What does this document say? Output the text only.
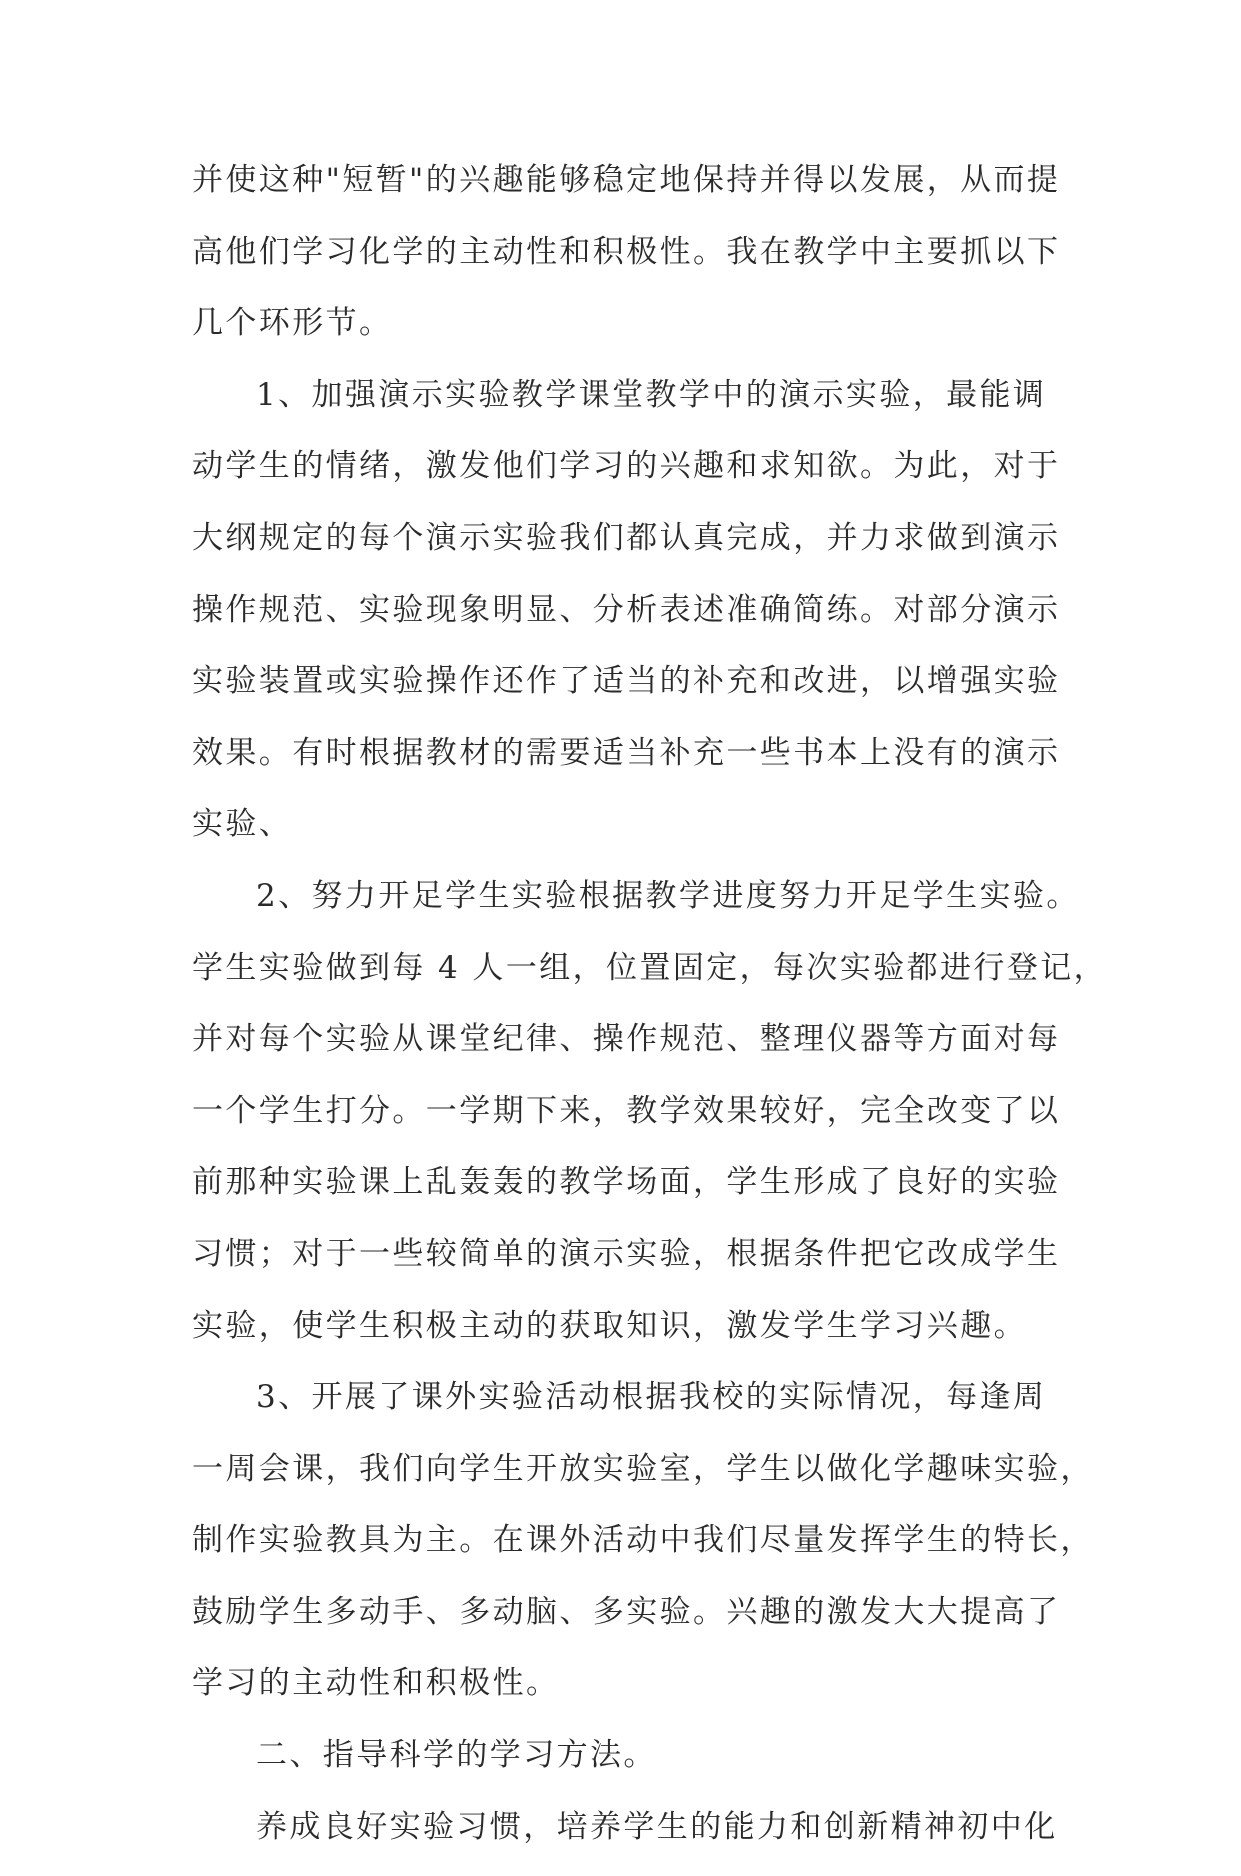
并使这种"短暂"的兴趣能够稳定地保持并得以发展，从而提
高他们学习化学的主动性和积极性。我在教学中主要抓以下
几个环形节。
1、加强演示实验教学课堂教学中的演示实验，最能调
动学生的情绪，激发他们学习的兴趣和求知欲。为此，对于
大纲规定的每个演示实验我们都认真完成，并力求做到演示
操作规范、实验现象明显、分析表述准确简练。对部分演示
实验装置或实验操作还作了适当的补充和改进，以增强实验
效果。有时根据教材的需要适当补充一些书本上没有的演示
实验、
2、努力开足学生实验根据教学进度努力开足学生实验。
学生实验做到每 4 人一组，位置固定，每次实验都进行登记，
并对每个实验从课堂纪律、操作规范、整理仪器等方面对每
一个学生打分。一学期下来，教学效果较好，完全改变了以
前那种实验课上乱轰轰的教学场面，学生形成了良好的实验
习惯；对于一些较简单的演示实验，根据条件把它改成学生
实验，使学生积极主动的获取知识，激发学生学习兴趣。
3、开展了课外实验活动根据我校的实际情况，每逢周
一周会课，我们向学生开放实验室，学生以做化学趣味实验，
制作实验教具为主。在课外活动中我们尽量发挥学生的特长，
鼓励学生多动手、多动脑、多实验。兴趣的激发大大提高了
学习的主动性和积极性。
二、指导科学的学习方法。
养成良好实验习惯，培养学生的能力和创新精神初中化
